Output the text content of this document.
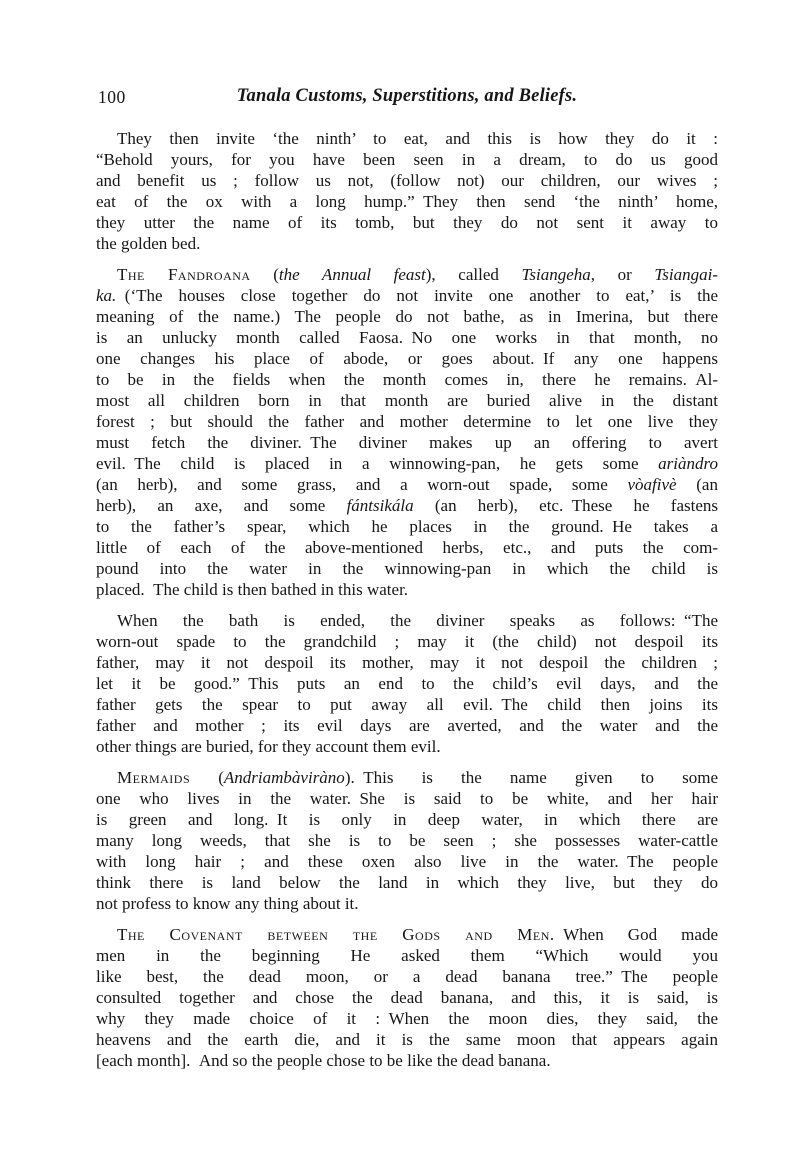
100	Tanala Customs, Superstitions, and Beliefs.
They then invite ‘the ninth’ to eat, and this is how they do it :
“Behold yours, for you have been seen in a dream, to do us good
and benefit us ; follow us not, (follow not) our children, our wives ;
eat of the ox with a long hump.” They then send ‘the ninth’ home,
they utter the name of its tomb, but they do not sent it away to
the golden bed.
The Fandroana (the Annual feast), called Tsiangeha, or Tsiangai-
ka. (‘The houses close together do not invite one another to eat,’ is the
meaning of the name.) The people do not bathe, as in Imerina, but there
is an unlucky month called Faosa. No one works in that month, no
one changes his place of abode, or goes about. If any one happens
to be in the fields when the month comes in, there he remains. Al-
most all children born in that month are buried alive in the distant
forest ; but should the father and mother determine to let one live they
must fetch the diviner. The diviner makes up an offering to avert
evil. The child is placed in a winnowing-pan, he gets some ariàndro
(an herb), and some grass, and a worn-out spade, some vòafivè (an
herb), an axe, and some fántsikála (an herb), etc. These he fastens
to the father’s spear, which he places in the ground. He takes a
little of each of the above-mentioned herbs, etc., and puts the com-
pound into the water in the winnowing-pan in which the child is
placed. The child is then bathed in this water.
When the bath is ended, the diviner speaks as follows: “The
worn-out spade to the grandchild ; may it (the child) not despoil its
father, may it not despoil its mother, may it not despoil the children ;
let it be good.” This puts an end to the child’s evil days, and the
father gets the spear to put away all evil. The child then joins its
father and mother ; its evil days are averted, and the water and the
other things are buried, for they account them evil.
Mermaids (Andriambàviràno). This is the name given to some
one who lives in the water. She is said to be white, and her hair
is green and long. It is only in deep water, in which there are
many long weeds, that she is to be seen ; she possesses water-cattle
with long hair ; and these oxen also live in the water. The people
think there is land below the land in which they live, but they do
not profess to know any thing about it.
The Covenant between the Gods and Men. When God made
men in the beginning He asked them “Which would you
like best, the dead moon, or a dead banana tree.” The people
consulted together and chose the dead banana, and this, it is said, is
why they made choice of it : When the moon dies, they said, the
heavens and the earth die, and it is the same moon that appears again
[each month]. And so the people chose to be like the dead banana.
